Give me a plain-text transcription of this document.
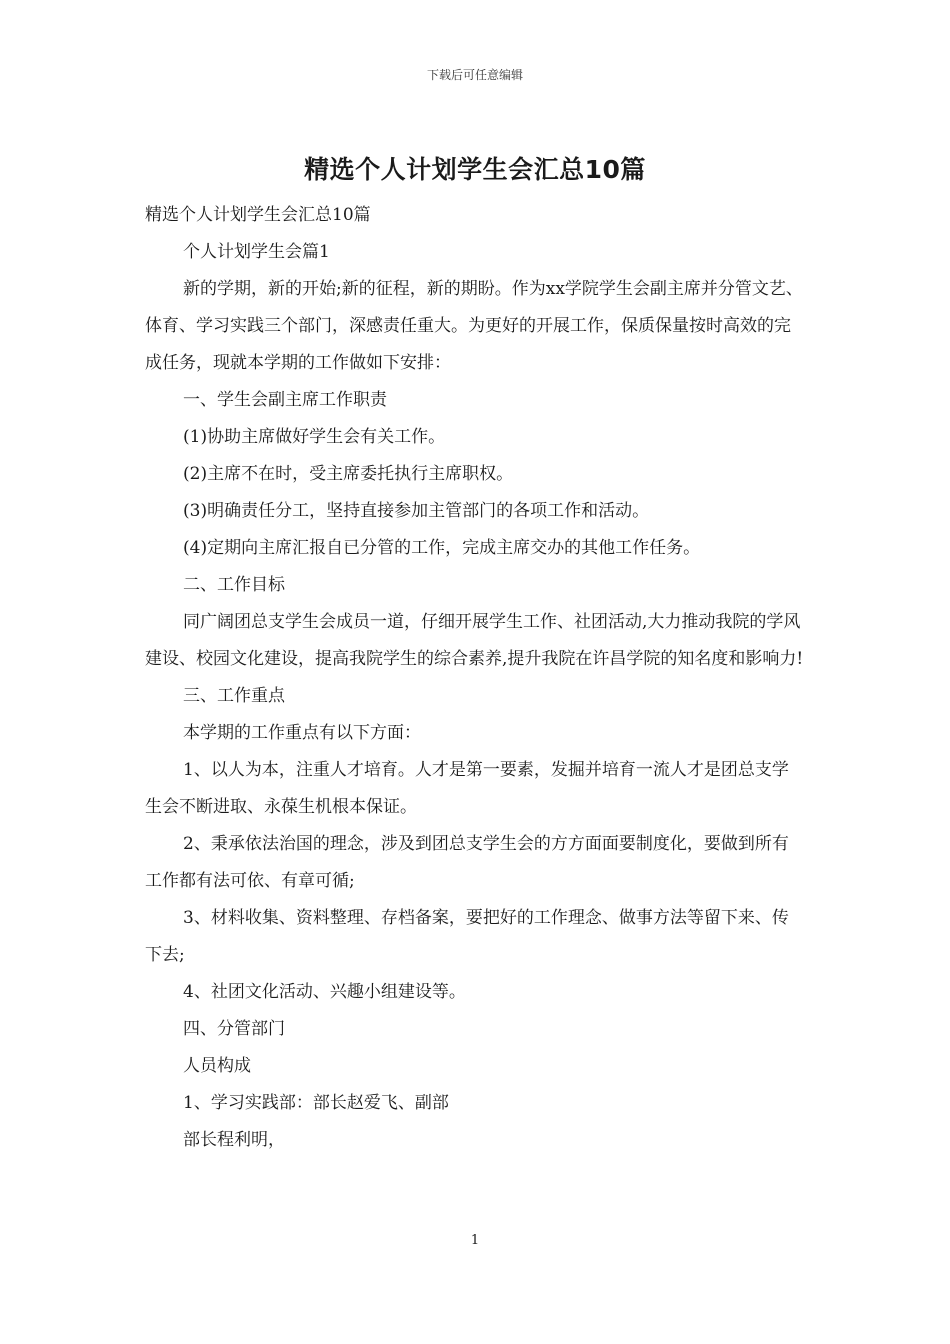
下载后可任意编辑
精选个人计划学生会汇总10篇

精选个人计划学生会汇总10篇

个人计划学生会篇1

新的学期，新的开始;新的征程，新的期盼。作为xx学院学生会副主席并分管文艺、体育、学习实践三个部门，深感责任重大。为更好的开展工作，保质保量按时高效的完成任务，现就本学期的工作做如下安排：

一、学生会副主席工作职责

(1)协助主席做好学生会有关工作。

(2)主席不在时，受主席委托执行主席职权。

(3)明确责任分工，坚持直接参加主管部门的各项工作和活动。

(4)定期向主席汇报自已分管的工作，完成主席交办的其他工作任务。

二、工作目标

同广阔团总支学生会成员一道，仔细开展学生工作、社团活动,大力推动我院的学风建设、校园文化建设，提高我院学生的综合素养,提升我院在许昌学院的知名度和影响力!

三、工作重点

本学期的工作重点有以下方面：

1、以人为本，注重人才培育。人才是第一要素，发掘并培育一流人才是团总支学生会不断进取、永葆生机根本保证。

2、秉承依法治国的理念，涉及到团总支学生会的方方面面要制度化，要做到所有工作都有法可依、有章可循;

3、材料收集、资料整理、存档备案，要把好的工作理念、做事方法等留下来、传下去;

4、社团文化活动、兴趣小组建设等。

四、分管部门

人员构成

1、学习实践部：部长赵爱飞、副部

部长程利明，

1
